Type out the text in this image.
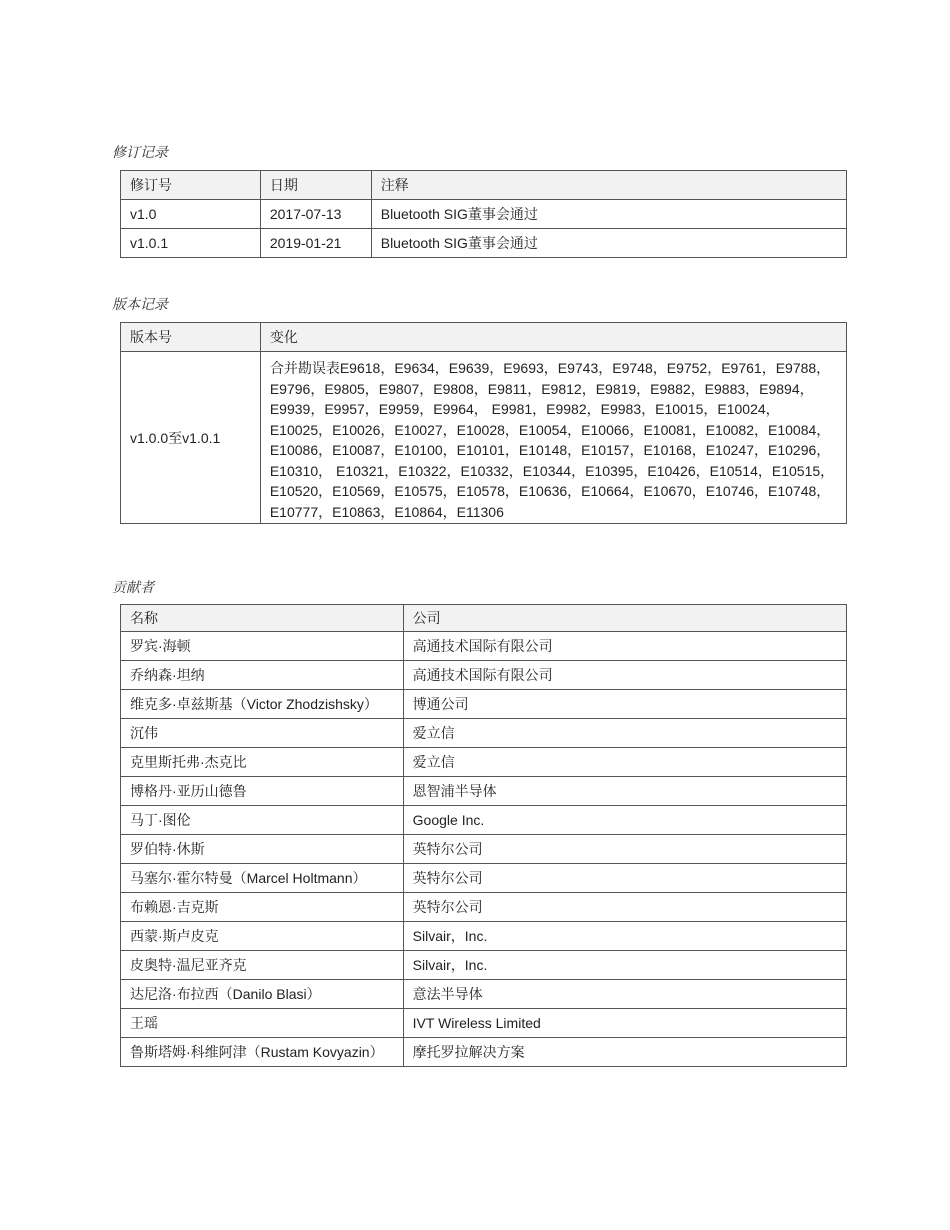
修订记录
修订号	日期	注释
v1.0	2017-07-13	Bluetooth SIG董事会通过
v1.0.1	2019-01-21	Bluetooth SIG董事会通过
版本记录
版本号	变化
v1.0.0至v1.0.1	合并勘误表E9618，E9634，E9639，E9693，E9743，E9748，E9752，E9761，E9788，E9796，E9805，E9807，E9808，E9811，E9812，E9819，E9882，E9883，E9894，E9939，E9957，E9959，E9964， E9981，E9982，E9983，E10015，E10024，E10025，E10026，E10027，E10028，E10054，E10066，E10081，E10082，E10084，E10086，E10087，E10100，E10101，E10148，E10157，E10168，E10247，E10296，E10310， E10321，E10322，E10332，E10344，E10395，E10426，E10514，E10515，E10520，E10569，E10575，E10578，E10636，E10664，E10670，E10746，E10748，E10777，E10863，E10864，E11306
贡献者
名称	公司
罗宾·海顿	高通技术国际有限公司
乔纳森·坦纳	高通技术国际有限公司
维克多·卓兹斯基（Victor Zhodzishsky）	博通公司
沉伟	爱立信
克里斯托弗·杰克比	爱立信
博格丹·亚历山德鲁	恩智浦半导体
马丁·图伦	Google Inc.
罗伯特·休斯	英特尔公司
马塞尔·霍尔特曼（Marcel Holtmann）	英特尔公司
布赖恩·吉克斯	英特尔公司
西蒙·斯卢皮克	Silvair，Inc.
皮奥特·温尼亚齐克	Silvair，Inc.
达尼洛·布拉西（Danilo Blasi）	意法半导体
王瑶	IVT Wireless Limited
鲁斯塔姆·科维阿津（Rustam Kovyazin）	摩托罗拉解决方案
